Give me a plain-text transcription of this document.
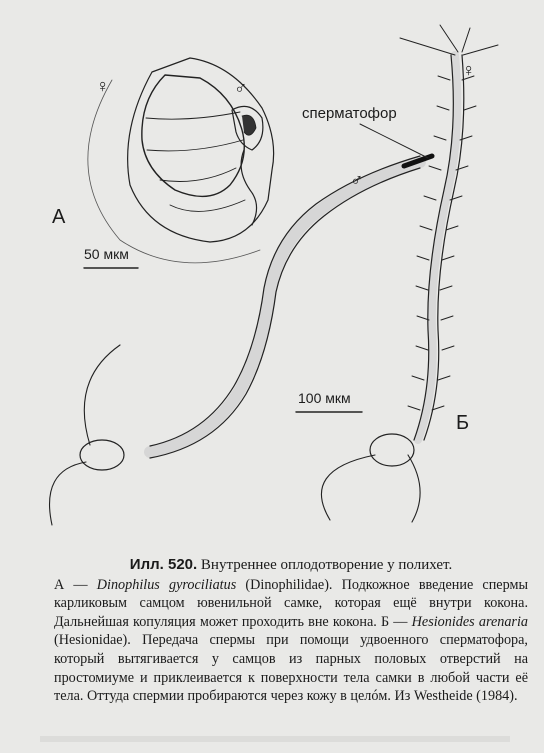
А
♀	♂
50 мкм
♀
сперматофор
♂
100 мкм
Б
Илл. 520. Внутреннее оплодотворение у полихет.
А — Dinophilus gyrociliatus (Dinophilidae). Подкожное введение спермы карликовым самцом ювенильной самке, которая ещё внутри кокона. Дальнейшая копуляция может проходить вне кокона. Б — Hesionides arenaria (Hesionidae). Передача спермы при помощи удвоенного сперматофора, который вытягивается у самцов из парных половых отверстий на простомиуме и приклеивается к поверхности тела самки в любой части её тела. Оттуда спермии пробираются через кожу в целóм. Из Westheide (1984).
